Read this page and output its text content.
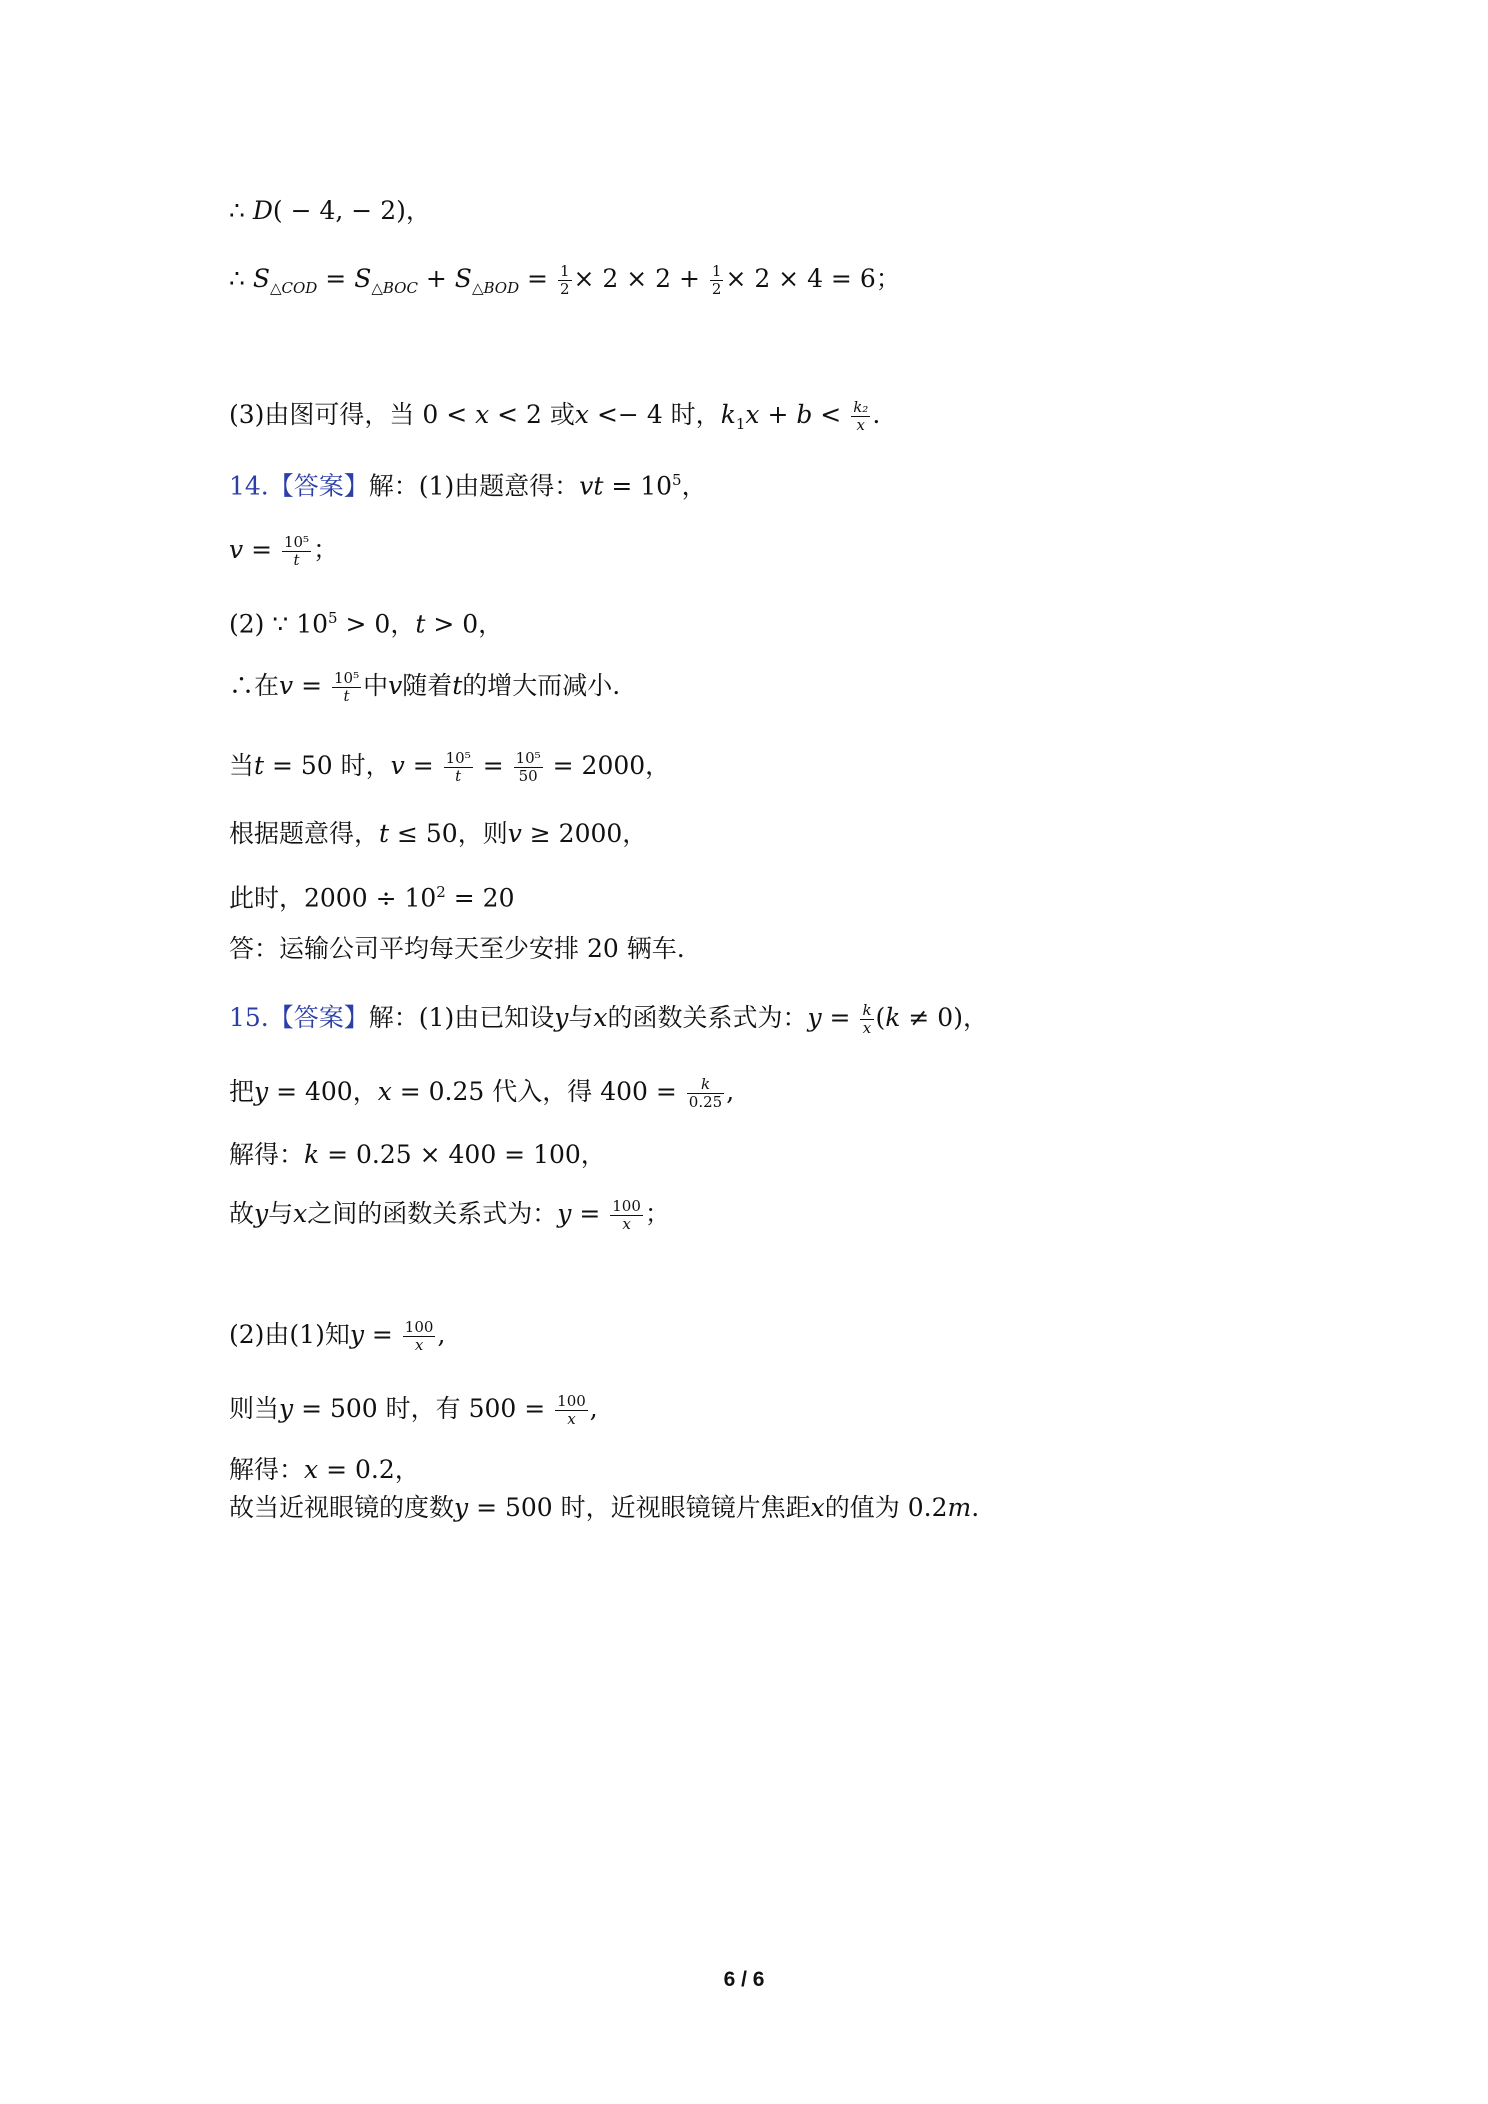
∴ D( − 4, − 2)，
∴ $S_{\triangle COD} = S_{\triangle BOC} + S_{\triangle BOD} = \frac{1}{2} \times 2 \times 2 + \frac{1}{2} \times 2 \times 4 = 6$；
(3)由图可得，当 0 < x < 2 或x <− 4 时，$k_1x + b < \frac{\text{k₂}}{x}$ .
14.【答案】解：(1)由题意得：vt = $10^5$，
$v = \frac{\text{10⁵}}{t}$ ；
(2) ∵ $10^5 > 0$，t > 0，
∴在$v = \frac{\text{10⁵}}{t}$ 中v随着t的增大而减小.
当t = 50 时，$v = \frac{\text{10⁵}}{t} = \frac{\text{10⁵}}{50} = 2000$，
根据题意得，t ≤ 50，则v ≥ 2000，
此时，$2000 \div 10^2 = 20$
答：运输公司平均每天至少安排 20 辆车.
15.【答案】解：(1)由已知设y与x的函数关系式为：$y = \frac{k}{x} (k \ne 0)$，
把y = 400，x = 0.25 代入，得 $400 = \frac{k}{0.25}$ ,
解得：k = 0.25 × 400 = 100，
故y与x之间的函数关系式为：$y = \frac{100}{x}$ ；
(2)由(1)知$y = \frac{100}{x}$ ,
则当y = 500 时，有 $500 = \frac{100}{x}$ ,
解得：x = 0.2，
故当近视眼镜的度数y = 500 时，近视眼镜镜片焦距x的值为 0.2m.
6 / 6
